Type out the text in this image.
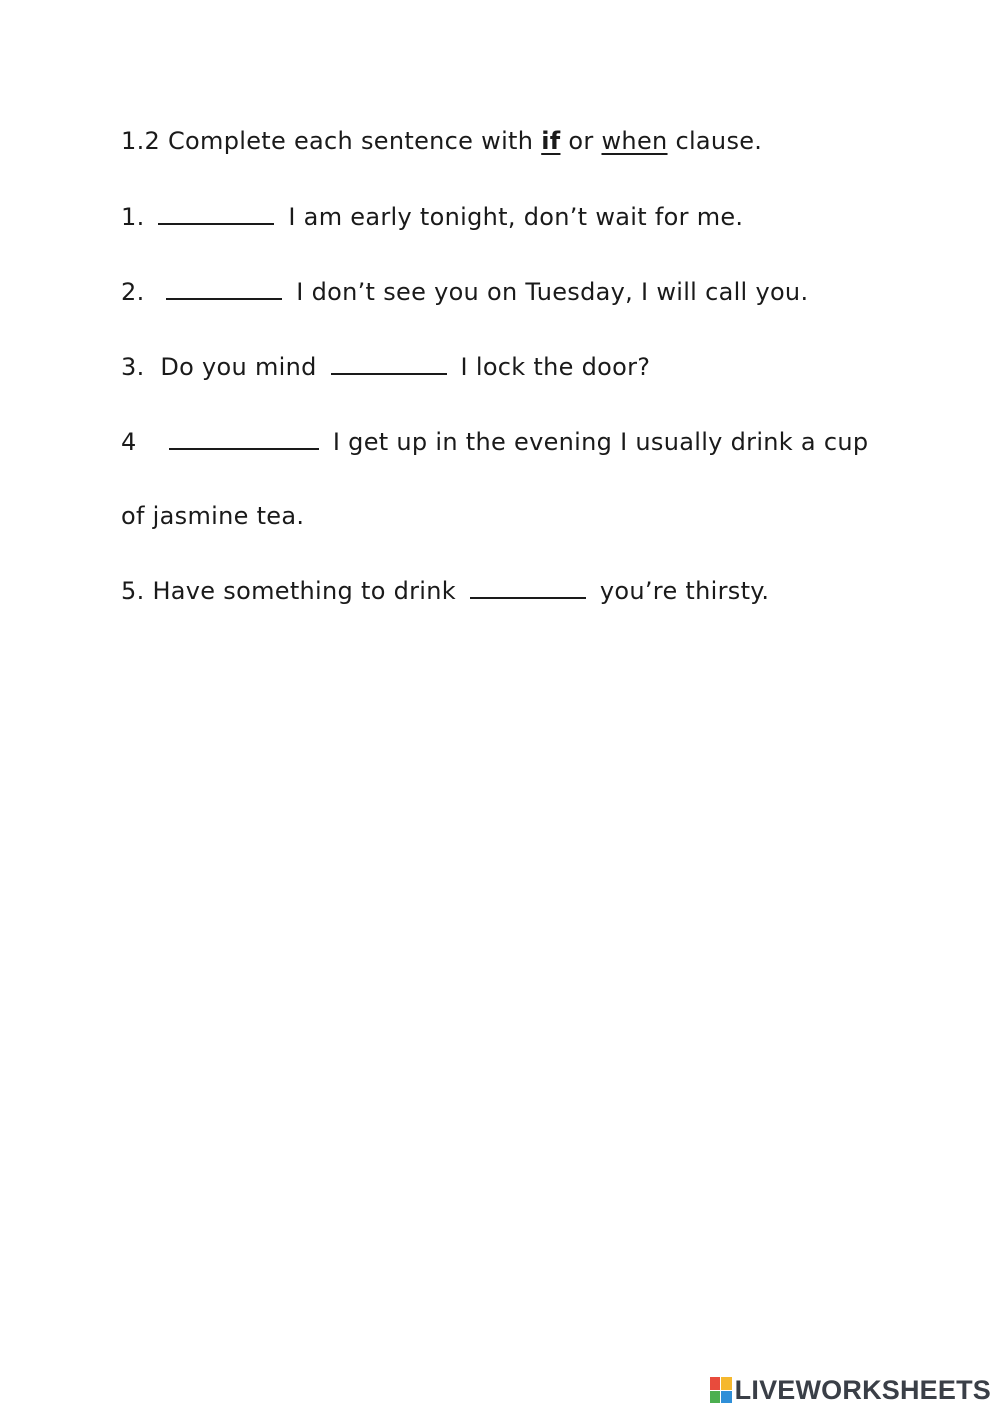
1.2 Complete each sentence with if or when clause.
1.	I am early tonight, don’t wait for me.
2.	I don’t see you on Tuesday, I will call you.
3. Do you mind	I lock the door?
4	I get up in the evening I usually drink a cup
of jasmine tea.
5. Have something to drink	you’re thirsty.
LIVEWORKSHEETS
